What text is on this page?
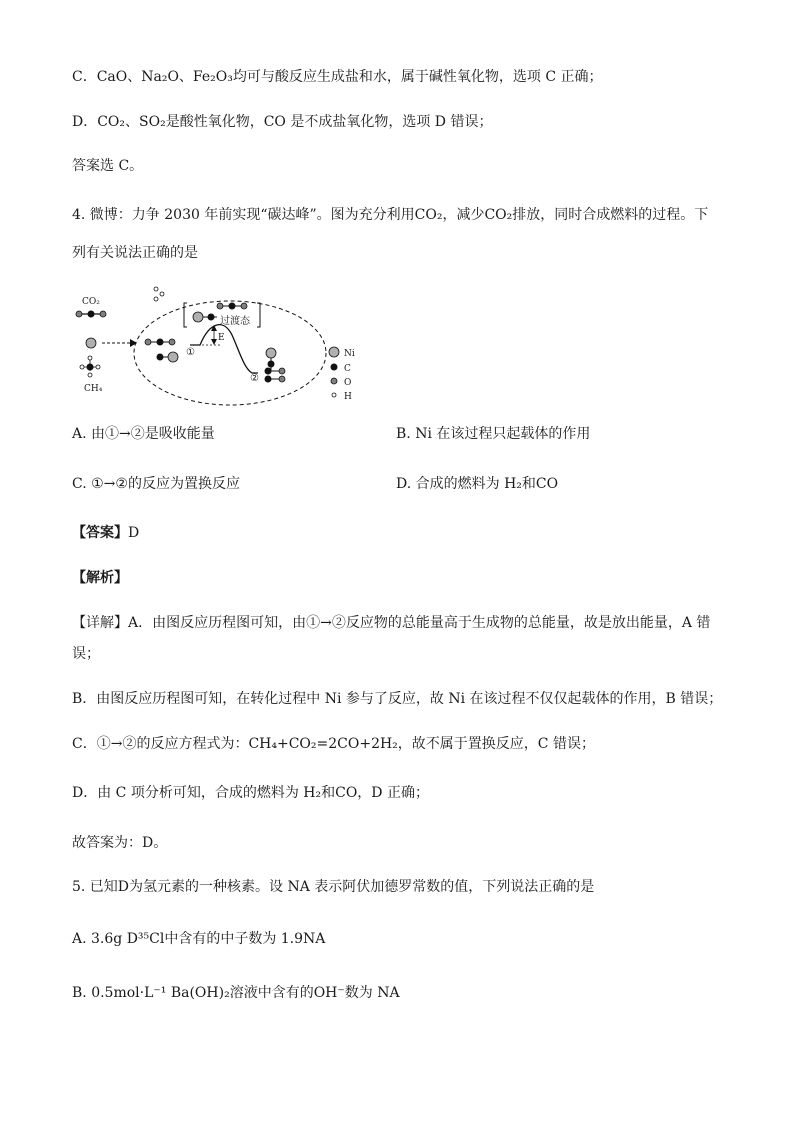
C．CaO、Na₂O、Fe₂O₃均可与酸反应生成盐和水，属于碱性氧化物，选项 C 正确；
D．CO₂、SO₂是酸性氧化物，CO 是不成盐氧化物，选项 D 错误；
答案选 C。
4. 微博：力争 2030 年前实现“碳达峰”。图为充分利用CO₂，减少CO₂排放，同时合成燃料的过程。下
列有关说法正确的是
CO₂
CH₄
过渡态
E
①
②
Ni
C
O
H
A. 由①→②是吸收能量	B. Ni 在该过程只起载体的作用
C. ①→②的反应为置换反应	D. 合成的燃料为 H₂和CO
【答案】D
【解析】
【详解】A．由图反应历程图可知，由①→②反应物的总能量高于生成物的总能量，故是放出能量，A 错
误；
B．由图反应历程图可知，在转化过程中 Ni 参与了反应，故 Ni 在该过程不仅仅起载体的作用，B 错误；
C．①→②的反应方程式为：CH₄+CO₂=2CO+2H₂，故不属于置换反应，C 错误；
D．由 C 项分析可知，合成的燃料为 H₂和CO，D 正确；
故答案为：D。
5. 已知D为氢元素的一种核素。设 NA 表示阿伏加德罗常数的值，下列说法正确的是
A. 3.6g D³⁵Cl中含有的中子数为 1.9NA
B. 0.5mol·L⁻¹ Ba(OH)₂溶液中含有的OH⁻数为 NA
